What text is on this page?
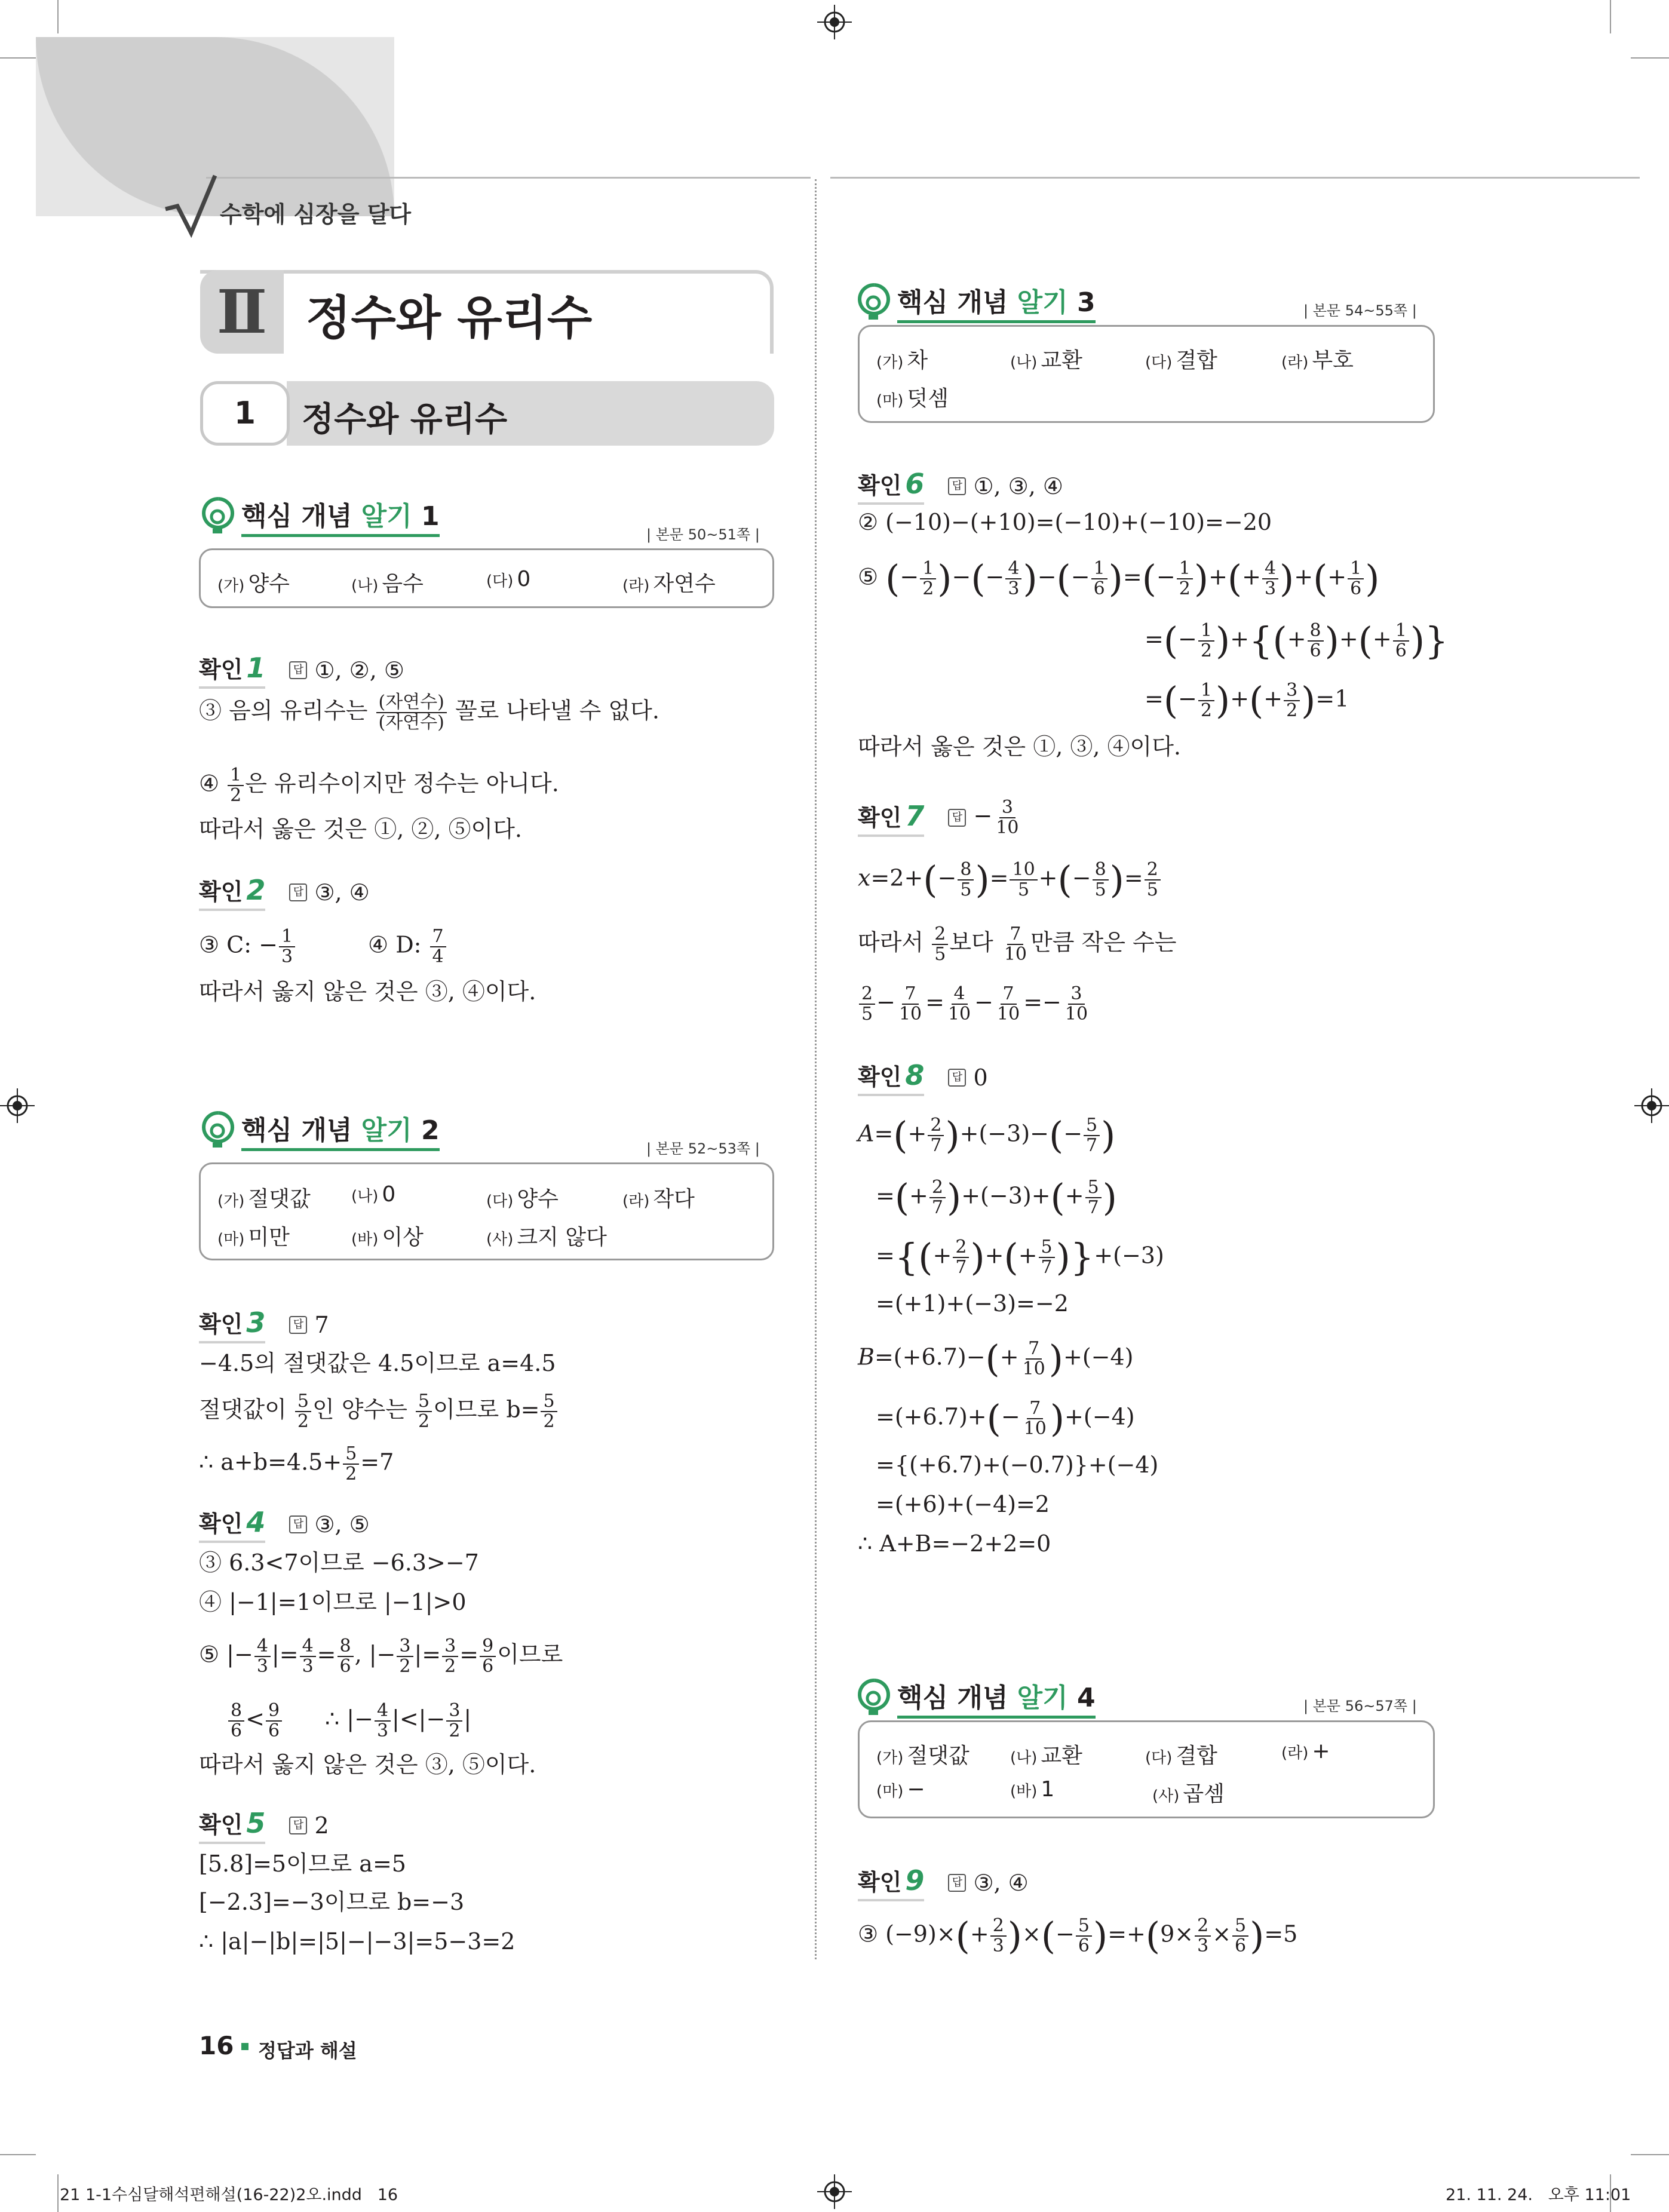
수학에 심장을 달다
Ⅱ 정수와 유리수
1	정수와 유리수
핵심 개념 알기 1
| 본문 50~51쪽 |
(가) 양수	(나) 음수	(다) 0	(라) 자연수
확인 1	답 ①, ②, ⑤
③ 음의 유리수는 $\frac{\text{(자연수)}}{\text{(자연수)}}$ 꼴로 나타낼 수 없다.
④ $\frac{1}{2}$ 은 유리수이지만 정수는 아니다.
따라서 옳은 것은 ①, ②, ⑤이다.
확인 2	답 ③, ④
③ C: − $\frac{1}{3}$	④ D: $\frac{7}{4}$
따라서 옳지 않은 것은 ③, ④이다.
핵심 개념 알기 2
| 본문 52~53쪽 |
(가) 절댓값	(나) 0	(다) 양수	(라) 작다
(마) 미만	(바) 이상	(사) 크지 않다
확인 3	답 7
−4.5의 절댓값은 4.5이므로 a=4.5
절댓값이 $\frac{5}{2}$ 인 양수는 $\frac{5}{2}$ 이므로 $b= \frac{5}{2}$
∴ $a+b=4.5+ \frac{5}{2} =7$
확인 4	답 ③, ⑤
③ 6.3<7이므로 −6.3>−7
④ |−1|=1이므로 |−1|>0
⑤ |− $\frac{4}{3}$ |= $\frac{4}{3} = \frac{8}{6}$ , |− $\frac{3}{2}$ |= $\frac{3}{2} = \frac{9}{6}$ 이므로
$\frac{8}{6} < \frac{9}{6}$ ∴ |− $\frac{4}{3}$ |<|− $\frac{3}{2}$ |
따라서 옳지 않은 것은 ③, ⑤이다.
확인 5	답 2
[5.8]=5이므로 a=5
[−2.3]=−3이므로 b=−3
∴ |a|−|b|=|5|−|−3|=5−3=2
핵심 개념 알기 3	| 본문 54~55쪽 |
(가) 차	(나) 교환	(다) 결합	(라) 부호
(마) 덧셈
확인 6	답 ①, ③, ④
② (−10)−(+10)=(−10)+(−10)=−20
⑤ (− $\frac{1}{2}$ )−(− $\frac{4}{3}$ )−(− $\frac{1}{6}$ )=(− $\frac{1}{2}$ )+(+ $\frac{4}{3}$ )+(+ $\frac{1}{6}$ )
=(− $\frac{1}{2}$ )+{(+ $\frac{8}{6}$ )+(+ $\frac{1}{6}$ )}
=(− $\frac{1}{2}$ )+(+ $\frac{3}{2} )=1$
따라서 옳은 것은 ①, ③, ④이다.
확인 7	답 − $\frac{3}{10}$
$x=2+(- \frac{8}{5}$ )= $\frac{10}{5}$ +(− $\frac{8}{5}$ )= $\frac{2}{5}$
따라서 $\frac{2}{5}$ 보다 $\frac{7}{10}$ 만큼 작은 수는
$\frac{2}{5} - \frac{7}{10} = \frac{4}{10} - \frac{7}{10} =- \frac{3}{10}$
확인 8	답 0
$A=(+ \frac{2}{7} )+(-3)-(- \frac{5}{7}$ )
=(+ $\frac{2}{7} )+(-3)+(+ \frac{5}{7}$ )
={(+ $\frac{2}{7}$ )+(+ $\frac{5}{7} )\}+(-3)$
=(+1)+(−3)=−2
$B=(+6.7)-(+ \frac{7}{10} )+(-4)$
$=(+6.7)+(- \frac{7}{10} )+(-4)$
={(+6.7)+(−0.7)}+(−4)
=(+6)+(−4)=2
∴ A+B=−2+2=0
핵심 개념 알기 4	| 본문 56~57쪽 |
(가) 절댓값	(나) 교환	(다) 결합	(라) +
(마) −	(바) 1	(사) 곱셈
확인 9	답 ③, ④
③ $(-9)\times(+ \frac{2}{3}$ )×(− $\frac{5}{6} )=+(9\times \frac{2}{3} \times \frac{5}{6} )=5$
16 정답과 해설
21 1-1수심달해석편해설(16-22)2오.indd   16	21. 11. 24.   오후 11:01
